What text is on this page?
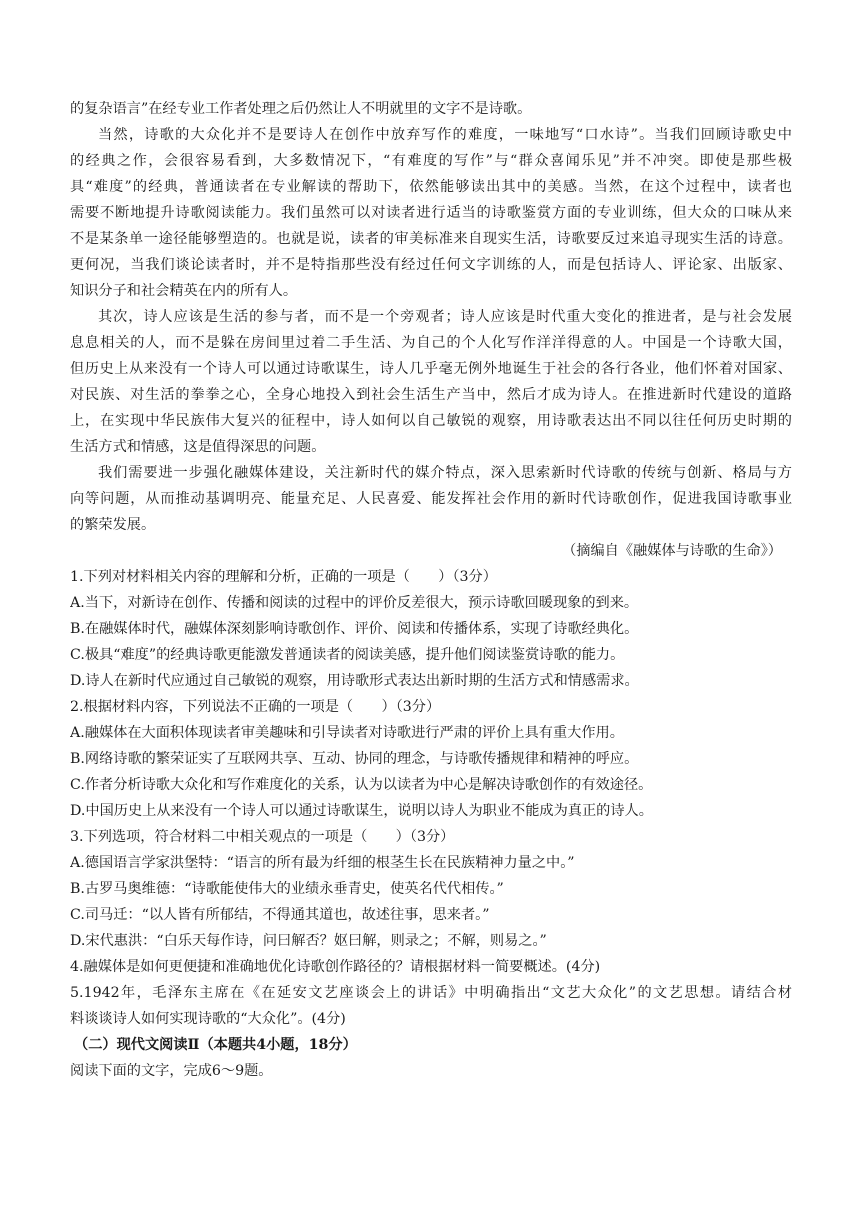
的复杂语言”在经专业工作者处理之后仍然让人不明就里的文字不是诗歌。
当然，诗歌的大众化并不是要诗人在创作中放弃写作的难度，一味地写“口水诗”。当我们回顾诗歌史中
的经典之作，会很容易看到，大多数情况下，“有难度的写作”与“群众喜闻乐见”并不冲突。即使是那些极
具“难度”的经典，普通读者在专业解读的帮助下，依然能够读出其中的美感。当然，在这个过程中，读者也
需要不断地提升诗歌阅读能力。我们虽然可以对读者进行适当的诗歌鉴赏方面的专业训练，但大众的口味从来
不是某条单一途径能够塑造的。也就是说，读者的审美标准来自现实生活，诗歌要反过来追寻现实生活的诗意。
更何况，当我们谈论读者时，并不是特指那些没有经过任何文字训练的人，而是包括诗人、评论家、出版家、
知识分子和社会精英在内的所有人。
其次，诗人应该是生活的参与者，而不是一个旁观者；诗人应该是时代重大变化的推进者，是与社会发展
息息相关的人，而不是躲在房间里过着二手生活、为自己的个人化写作洋洋得意的人。中国是一个诗歌大国，
但历史上从来没有一个诗人可以通过诗歌谋生，诗人几乎毫无例外地诞生于社会的各行各业，他们怀着对国家、
对民族、对生活的拳拳之心，全身心地投入到社会生活生产当中，然后才成为诗人。在推进新时代建设的道路
上，在实现中华民族伟大复兴的征程中，诗人如何以自己敏锐的观察，用诗歌表达出不同以往任何历史时期的
生活方式和情感，这是值得深思的问题。
我们需要进一步强化融媒体建设，关注新时代的媒介特点，深入思索新时代诗歌的传统与创新、格局与方
向等问题，从而推动基调明亮、能量充足、人民喜爱、能发挥社会作用的新时代诗歌创作，促进我国诗歌事业
的繁荣发展。
（摘编自《融媒体与诗歌的生命》）
1.下列对材料相关内容的理解和分析，正确的一项是（　　）（3分）
A.当下，对新诗在创作、传播和阅读的过程中的评价反差很大，预示诗歌回暖现象的到来。
B.在融媒体时代，融媒体深刻影响诗歌创作、评价、阅读和传播体系，实现了诗歌经典化。
C.极具“难度”的经典诗歌更能激发普通读者的阅读美感，提升他们阅读鉴赏诗歌的能力。
D.诗人在新时代应通过自己敏锐的观察，用诗歌形式表达出新时期的生活方式和情感需求。
2.根据材料内容，下列说法不正确的一项是（　　）（3分）
A.融媒体在大面积体现读者审美趣味和引导读者对诗歌进行严肃的评价上具有重大作用。
B.网络诗歌的繁荣证实了互联网共享、互动、协同的理念，与诗歌传播规律和精神的呼应。
C.作者分析诗歌大众化和写作难度化的关系，认为以读者为中心是解决诗歌创作的有效途径。
D.中国历史上从来没有一个诗人可以通过诗歌谋生，说明以诗人为职业不能成为真正的诗人。
3.下列选项，符合材料二中相关观点的一项是（　　）（3分）
A.德国语言学家洪堡特：“语言的所有最为纤细的根茎生长在民族精神力量之中。”
B.古罗马奥维德：“诗歌能使伟大的业绩永垂青史，使英名代代相传。”
C.司马迁：“以人皆有所郁结，不得通其道也，故述往事，思来者。”
D.宋代惠洪：“白乐天每作诗，问曰解否？妪曰解，则录之；不解，则易之。”
4.融媒体是如何更便捷和准确地优化诗歌创作路径的？请根据材料一简要概述。(4分)
5.1942年，毛泽东主席在《在延安文艺座谈会上的讲话》中明确指出“文艺大众化”的文艺思想。请结合材
料谈谈诗人如何实现诗歌的“大众化”。(4分)
（二）现代文阅读Ⅱ（本题共4小题，18分）
阅读下面的文字，完成6～9题。
